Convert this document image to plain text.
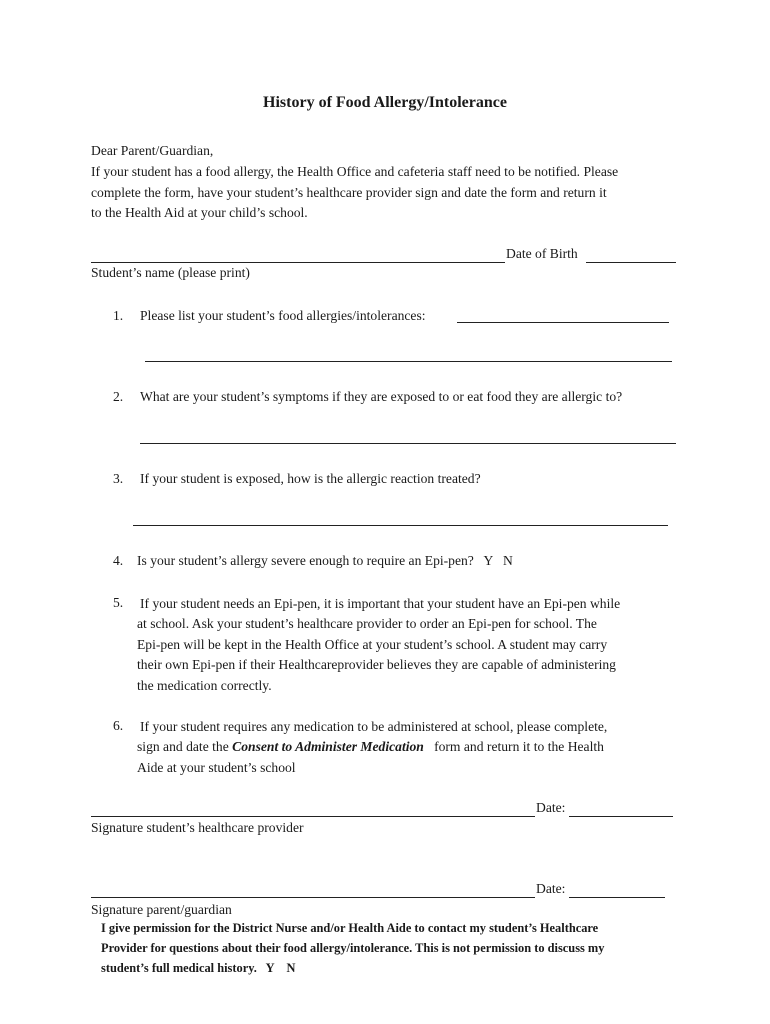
History of Food Allergy/Intolerance
Dear Parent/Guardian,
If your student has a food allergy, the Health Office and cafeteria staff need to be notified. Please
complete the form, have your student’s healthcare provider sign and date the form and return it
to the Health Aid at your child’s school.
Date of Birth
Student’s name (please print)
1. Please list your student’s food allergies/intolerances:
2. What are your student’s symptoms if they are exposed to or eat food they are allergic to?
3. If your student is exposed, how is the allergic reaction treated?
4. Is your student’s allergy severe enough to require an Epi-pen?   Y   N
5. If your student needs an Epi-pen, it is important that your student have an Epi-pen while
at school. Ask your student’s healthcare provider to order an Epi-pen for school. The
Epi-pen will be kept in the Health Office at your student’s school. A student may carry
their own Epi-pen if their Healthcareprovider believes they are capable of administering
the medication correctly.
6. If your student requires any medication to be administered at school, please complete,
sign and date the Consent to Administer Medication   form and return it to the Health
Aide at your student’s school
Date:
Signature student’s healthcare provider
Date:
Signature parent/guardian
I give permission for the District Nurse and/or Health Aide to contact my student’s Healthcare
Provider for questions about their food allergy/intolerance. This is not permission to discuss my
student’s full medical history.   Y    N
